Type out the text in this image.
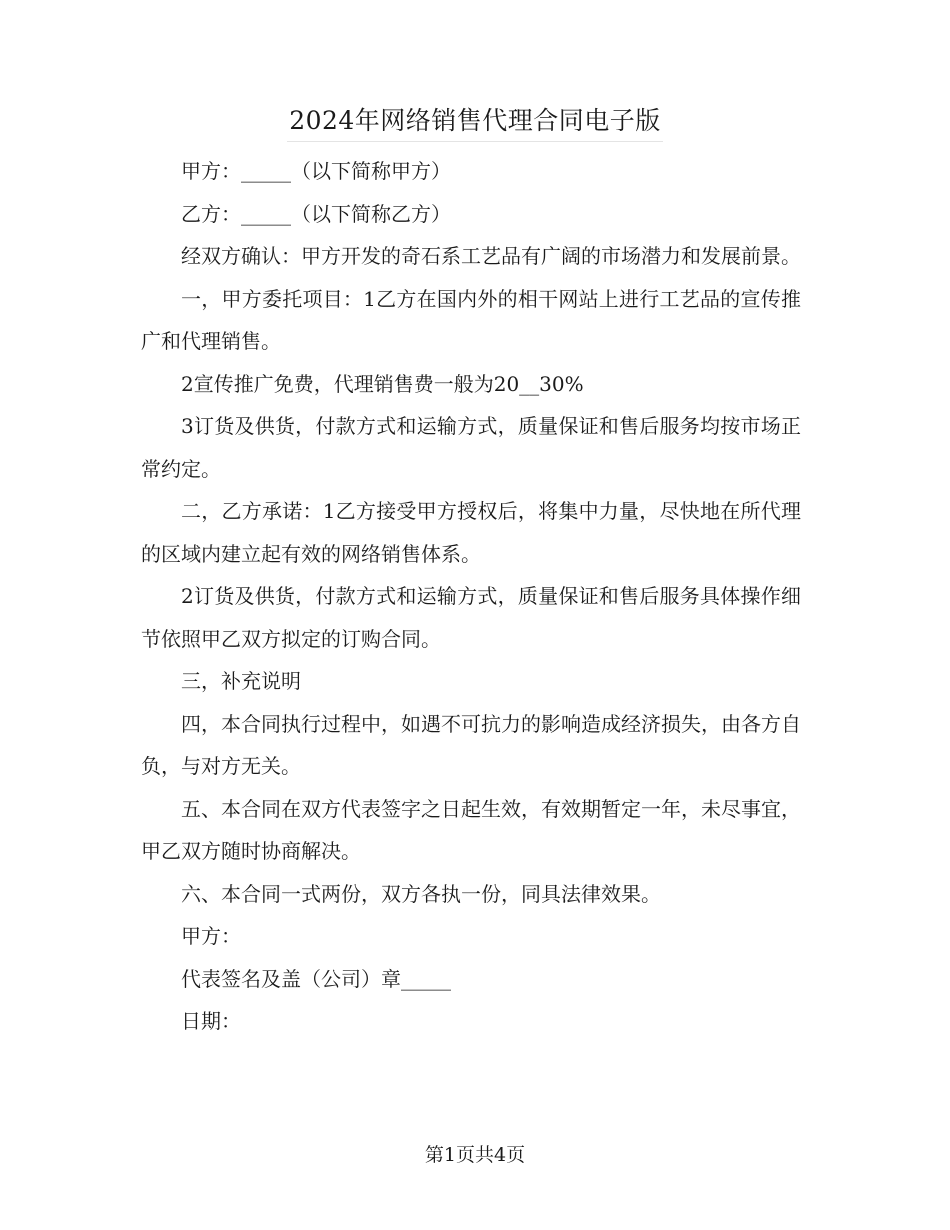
2024年网络销售代理合同电子版

甲方：_____（以下简称甲方）

乙方：_____（以下简称乙方）

经双方确认：甲方开发的奇石系工艺品有广阔的市场潜力和发展前景。

一，甲方委托项目：1乙方在国内外的相干网站上进行工艺品的宣传推广和代理销售。

2宣传推广免费，代理销售费一般为20__30%

3订货及供货，付款方式和运输方式，质量保证和售后服务均按市场正常约定。

二，乙方承诺：1乙方接受甲方授权后，将集中力量，尽快地在所代理的区域内建立起有效的网络销售体系。

2订货及供货，付款方式和运输方式，质量保证和售后服务具体操作细节依照甲乙双方拟定的订购合同。

三，补充说明

四，本合同执行过程中，如遇不可抗力的影响造成经济损失，由各方自负，与对方无关。

五、本合同在双方代表签字之日起生效，有效期暂定一年，未尽事宜，甲乙双方随时协商解决。

六、本合同一式两份，双方各执一份，同具法律效果。

甲方：

代表签名及盖（公司）章_____

日期：

第1页共4页
